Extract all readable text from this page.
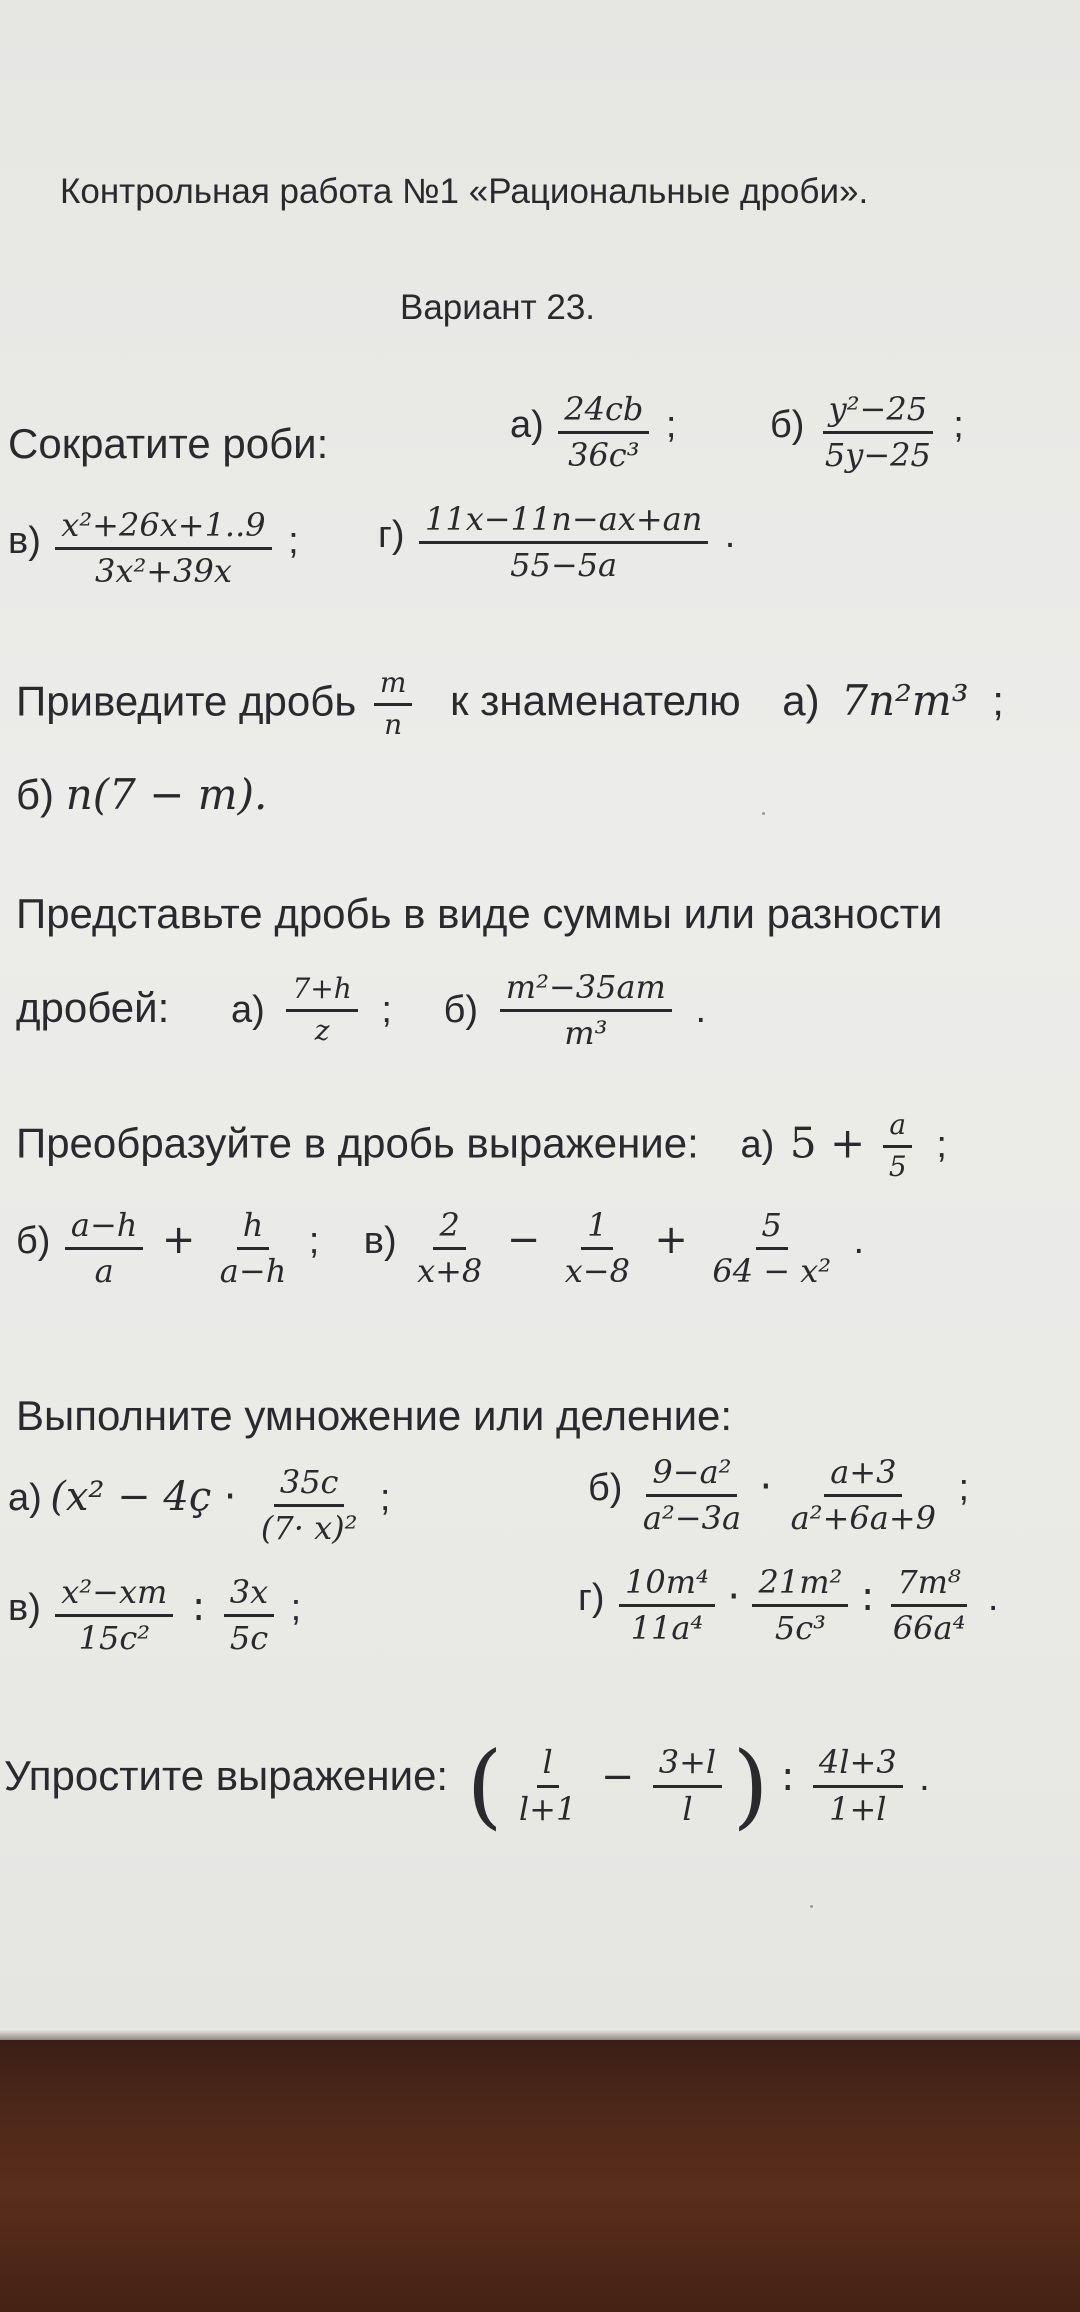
Контрольная работа №1 «Рациональные дроби».
Вариант 23.
Сократите роби:	$а) \frac{24cb}{\text{36c³}}$ ; $б) \frac{\text{y²−25}}{5y-25}$ ;
$в) \frac{\text{x²+26x+1..9}}{\text{3x²+39x}}$ ; $г) \frac{11x-11n-ax+an}{55-5a}$ .
Приведите дробь $\frac{m}{n}$ к знаменателю а) 7n²m³ ;
б) n(7 − m).
Представьте дробь в виде суммы или разности
дробей: $а) \frac{7+h}{z}$ ; $б) \frac{\text{m²−35am}}{\text{m³}}$ .
Преобразуйте в дробь выражение: а) $5 + \frac{a}{5}$ ;
$б) \frac{a-h}{a} + \frac{h}{a-h}$ ; $в) \frac{2}{x+8} - \frac{1}{x-8} + \frac{5}{\text{64 − x²}}$ .
Выполните умножение или деление:
а) (x² − 4ç · $\frac{\text{35ⅽ}}{\text{(7· x)²}}$ ;	$б) \frac{\text{9−a²}}{\text{a²−3a}} \cdot \frac{a+3}{\text{a²+6a+9}}$ ;
$в) \frac{\text{x²−xm}}{\text{15c²}}$ : $\frac{3x}{5c}$ ;	$г) \frac{\text{10m⁴}}{\text{11a⁴}} \cdot \frac{\text{21m²}}{\text{5c³}}$ : $\frac{\text{7m⁸}}{\text{66a⁴}}$ .
Упростите выражение: ( $\frac{l}{l+1} - \frac{3+l}{l}$ ) : $\frac{4l+3}{1+l}$ .
